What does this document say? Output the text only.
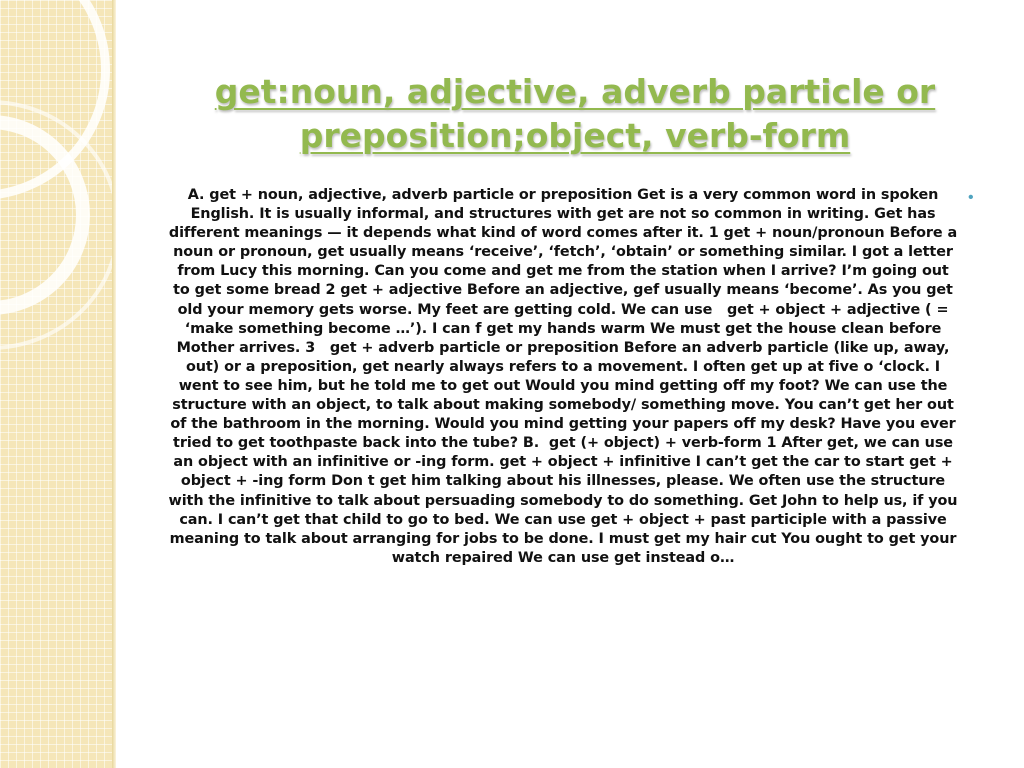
get:noun, adjective, adverb particle or preposition;object, verb-form
A. get + noun, adjective, adverb particle or preposition Get is a very common word in spoken English. It is usually informal, and structures with get are not so common in writing. Get has different meanings — it depends what kind of word comes after it. 1 get + noun/pronoun Before a noun or pronoun, get usually means ‘receive’, ‘fetch’, ‘obtain’ or something similar. I got a letter from Lucy this morning. Can you come and get me from the station when I arrive? I’m going out to get some bread 2 get + adjective Before an adjective, gef usually means ‘become’. As you get old your memory gets worse. My feet are getting cold. We can use   get + object + adjective ( = ‘make something become …’). I can f get my hands warm We must get the house clean before Mother arrives. 3   get + adverb particle or preposition Before an adverb particle (like up, away, out) or a preposition, get nearly always refers to a movement. I often get up at five o ‘clock. I went to see him, but he told me to get out Would you mind getting off my foot? We can use the structure with an object, to talk about making somebody/ something move. You can’t get her out of the bathroom in the morning. Would you mind getting your papers off my desk? Have you ever tried to get toothpaste back into the tube? B.  get (+ object) + verb-form 1 After get, we can use an object with an infinitive or -ing form. get + object + infinitive I can’t get the car to start get + object + -ing form Don t get him talking about his illnesses, please. We often use the structure with the infinitive to talk about persuading somebody to do something. Get John to help us, if you can. I can’t get that child to go to bed. We can use get + object + past participle with a passive meaning to talk about arranging for jobs to be done. I must get my hair cut You ought to get your watch repaired We can use get instead o…
•
